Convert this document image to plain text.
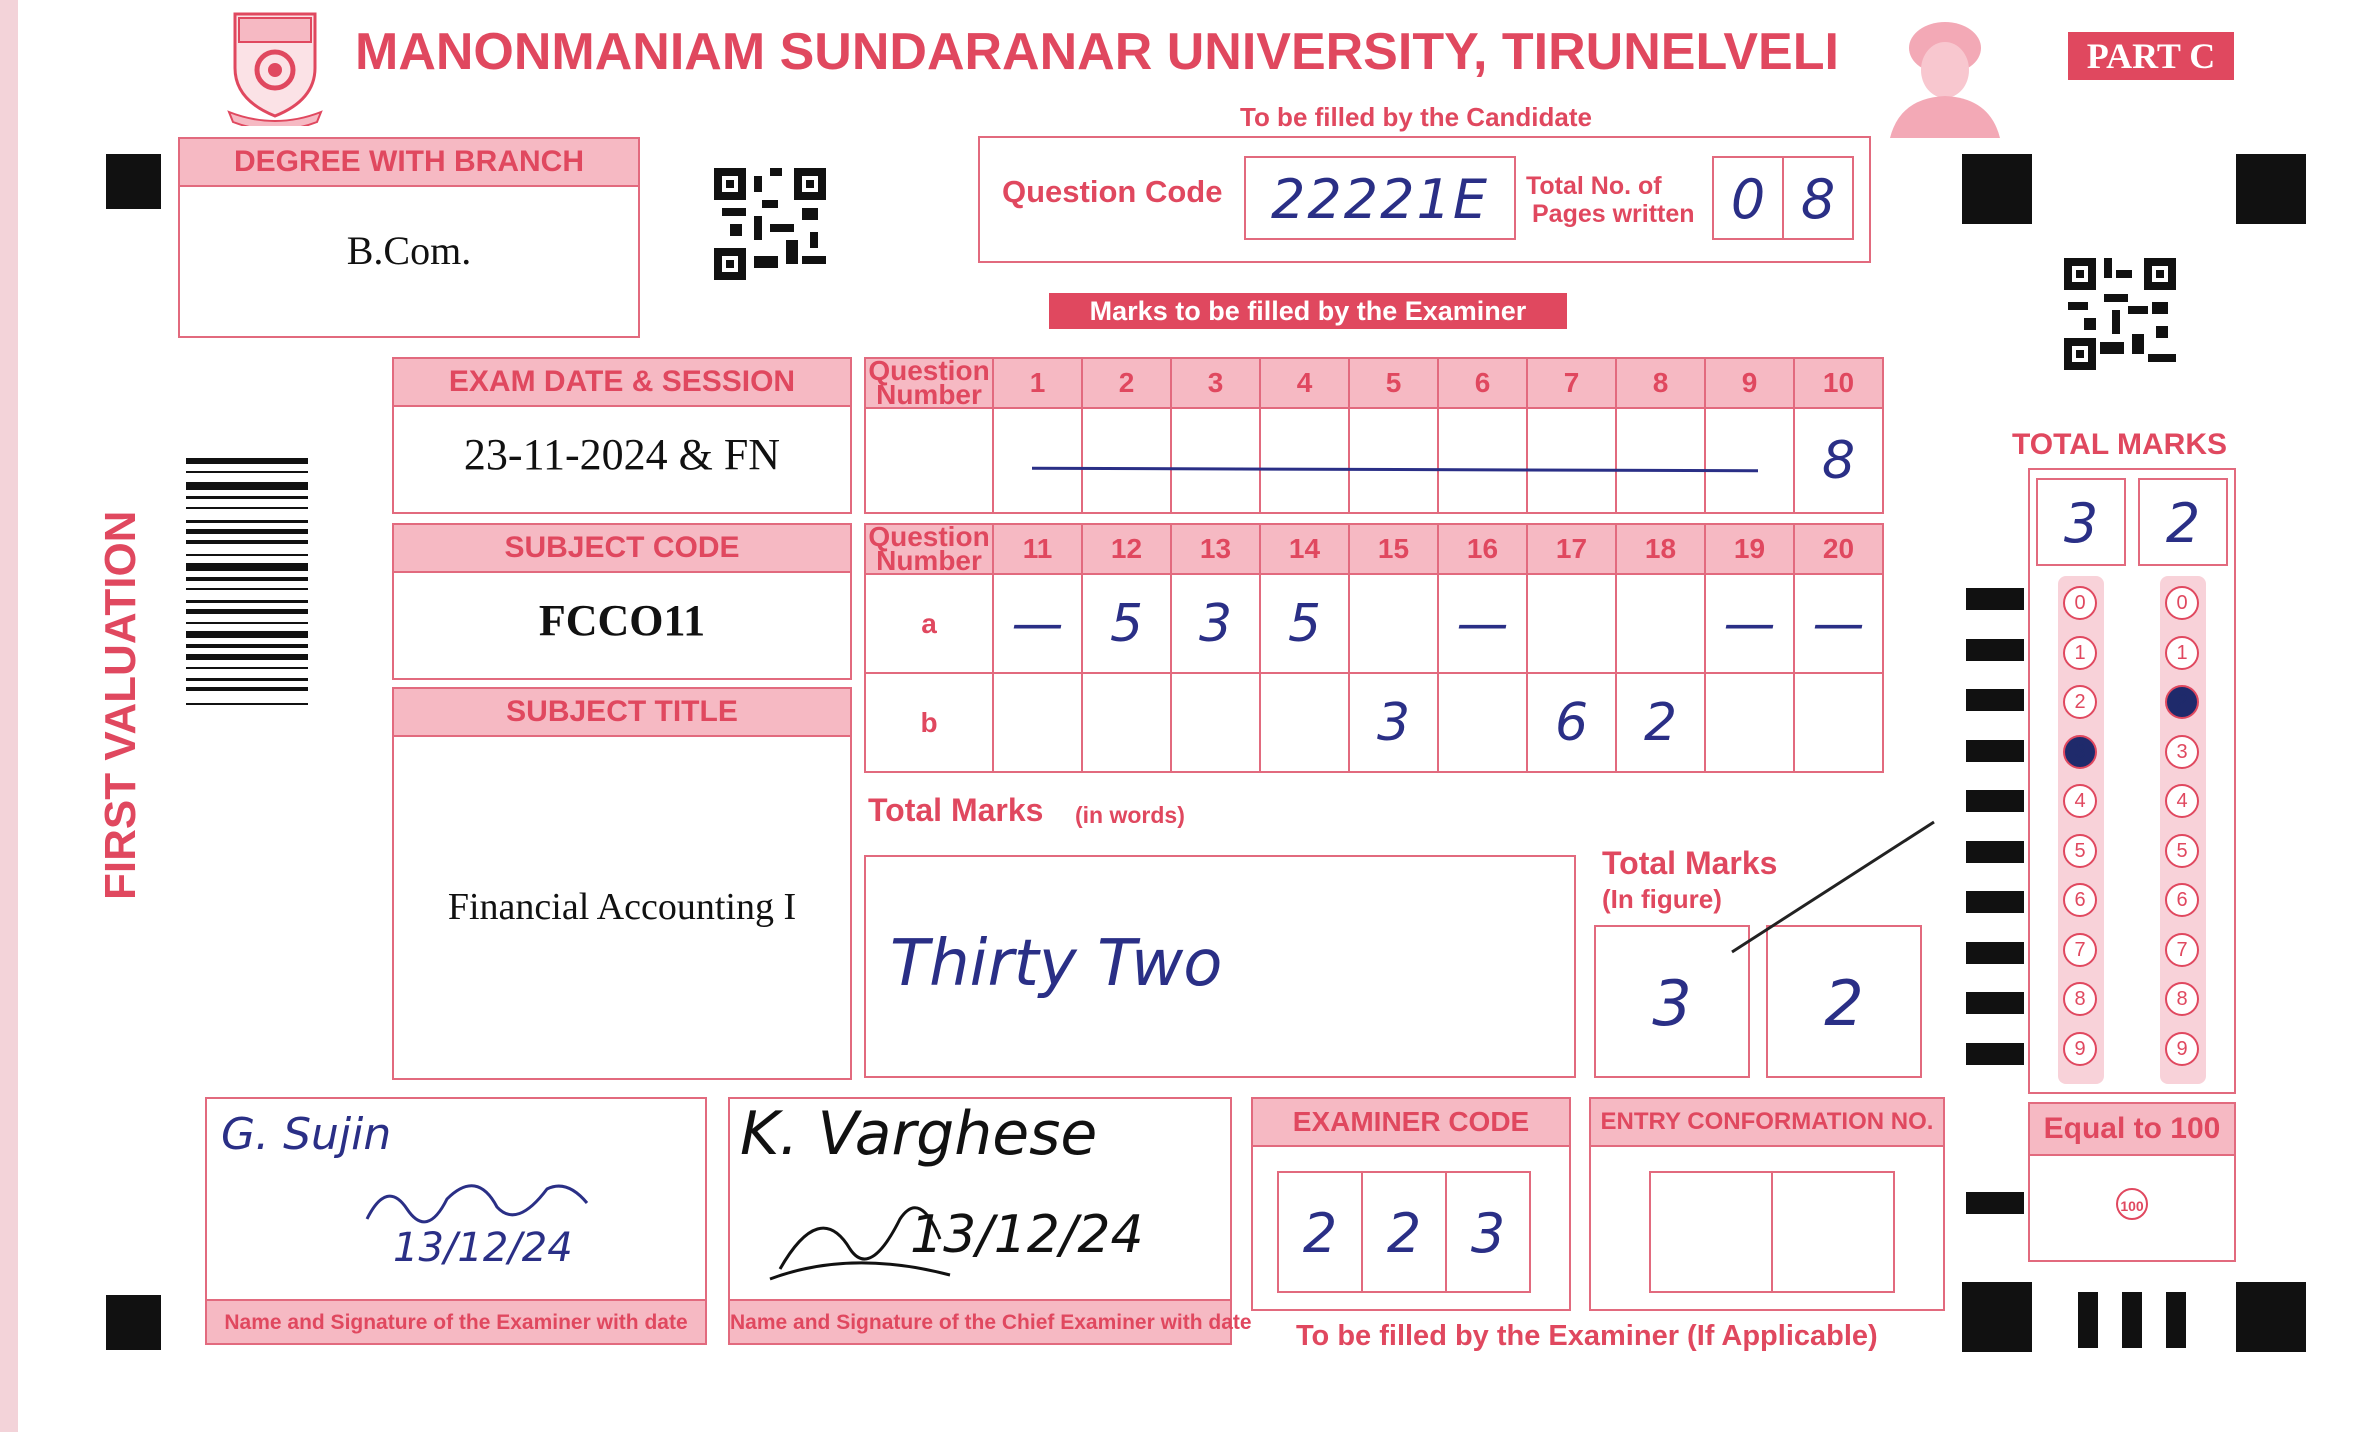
MANONMANIAM SUNDARANAR UNIVERSITY, TIRUNELVELI	PART C
To be filled by the Candidate
DEGREE WITH BRANCH
B.Com.
Question Code 22221E	Total No. of
Pages written 0 8
Marks to be filled by the Examiner
EXAM DATE & SESSION
23-11-2024 & FN
SUBJECT CODE
FCCO11
SUBJECT TITLE
Financial Accounting I
FIRST VALUATION
Question
Number	1	2	3	4	5	6	7	8	9	10
										8
Question
Number	11	12	13	14	15	16	17	18	19	20
a	—	5	3	5		—			—	—
b					3		6	2		
Total Marks (in words)
Thirty Two
Total Marks
(In figure)
3	2
TOTAL MARKS
3	2
0
1
2
3
4
5
6
7
8
9
0
1
2
3
4
5
6
7
8
9
Equal to 100
100
G. Sujin
13/12/24
Name and Signature of the Examiner with date
K. Varghese
13/12/24
Name and Signature of the Chief Examiner with date
EXAMINER CODE
2 2 3
ENTRY CONFORMATION NO.
To be filled by the Examiner (If Applicable)
